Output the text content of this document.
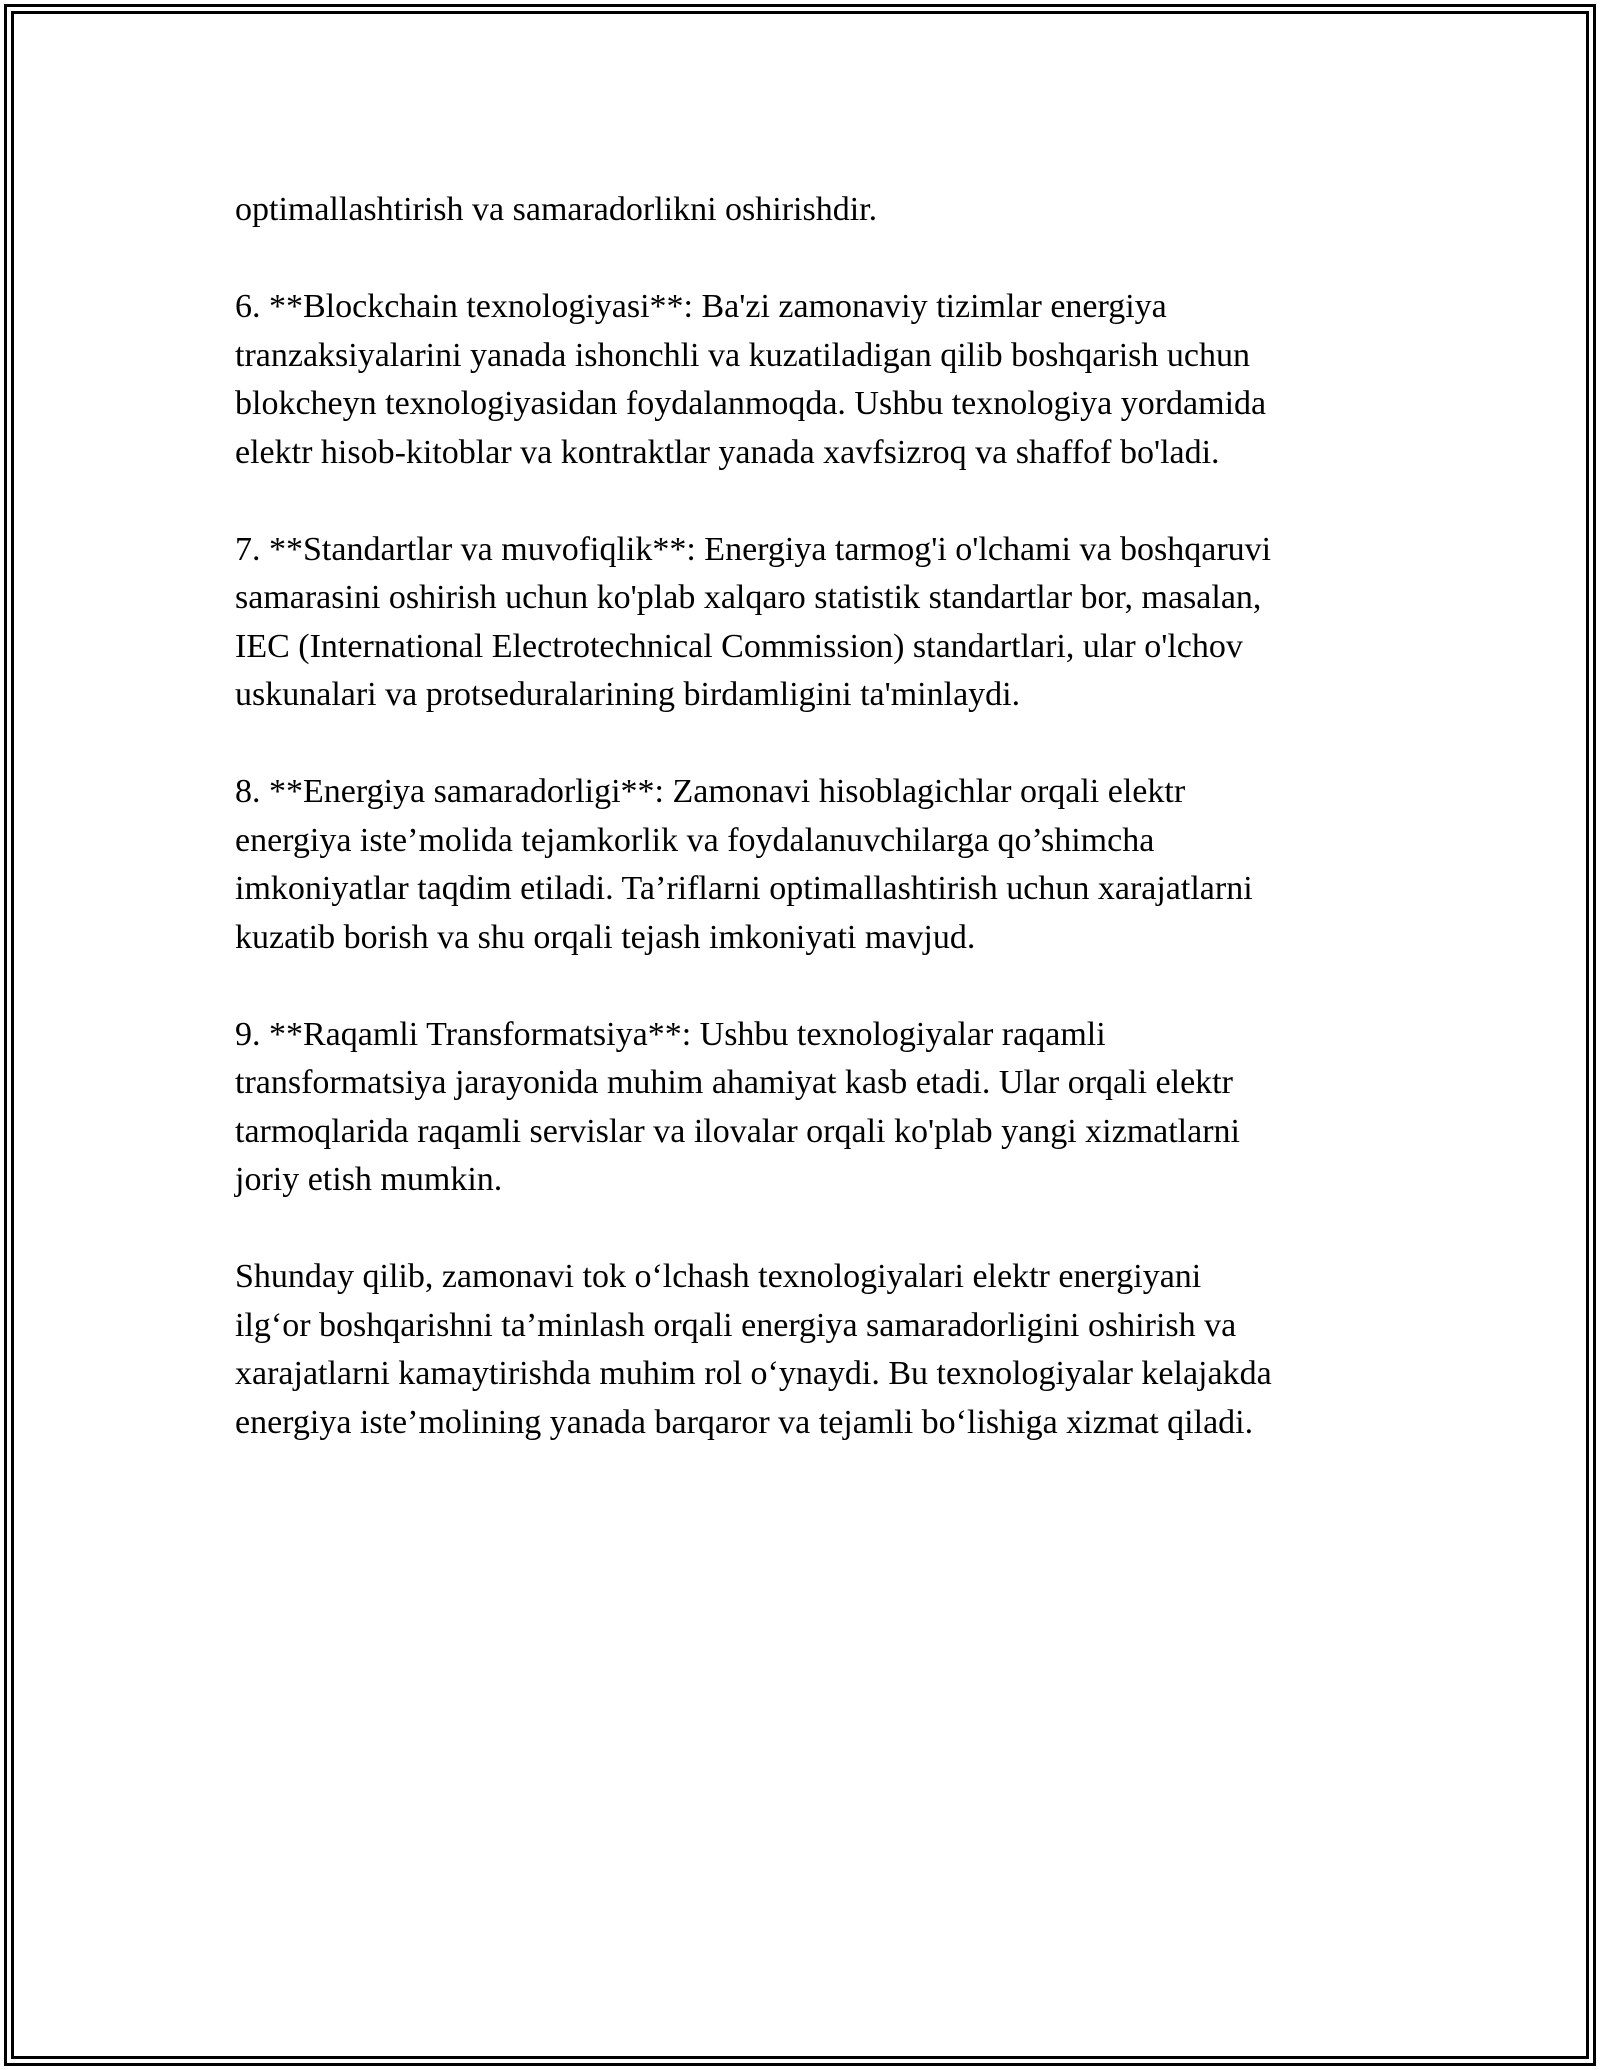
optimallashtirish va samaradorlikni oshirishdir.

6. **Blockchain texnologiyasi**: Ba'zi zamonaviy tizimlar energiya
tranzaksiyalarini yanada ishonchli va kuzatiladigan qilib boshqarish uchun
blokcheyn texnologiyasidan foydalanmoqda. Ushbu texnologiya yordamida
elektr hisob-kitoblar va kontraktlar yanada xavfsizroq va shaffof bo'ladi.

7. **Standartlar va muvofiqlik**: Energiya tarmog'i o'lchami va boshqaruvi
samarasini oshirish uchun ko'plab xalqaro statistik standartlar bor, masalan,
IEC (International Electrotechnical Commission) standartlari, ular o'lchov
uskunalari va protseduralarining birdamligini ta'minlaydi.

8. **Energiya samaradorligi**: Zamonavi hisoblagichlar orqali elektr
energiya iste’molida tejamkorlik va foydalanuvchilarga qo’shimcha
imkoniyatlar taqdim etiladi. Ta’riflarni optimallashtirish uchun xarajatlarni
kuzatib borish va shu orqali tejash imkoniyati mavjud.

9. **Raqamli Transformatsiya**: Ushbu texnologiyalar raqamli
transformatsiya jarayonida muhim ahamiyat kasb etadi. Ular orqali elektr
tarmoqlarida raqamli servislar va ilovalar orqali ko'plab yangi xizmatlarni
joriy etish mumkin.

Shunday qilib, zamonavi tok o‘lchash texnologiyalari elektr energiyani
ilg‘or boshqarishni ta’minlash orqali energiya samaradorligini oshirish va
xarajatlarni kamaytirishda muhim rol o‘ynaydi. Bu texnologiyalar kelajakda
energiya iste’molining yanada barqaror va tejamli bo‘lishiga xizmat qiladi.
